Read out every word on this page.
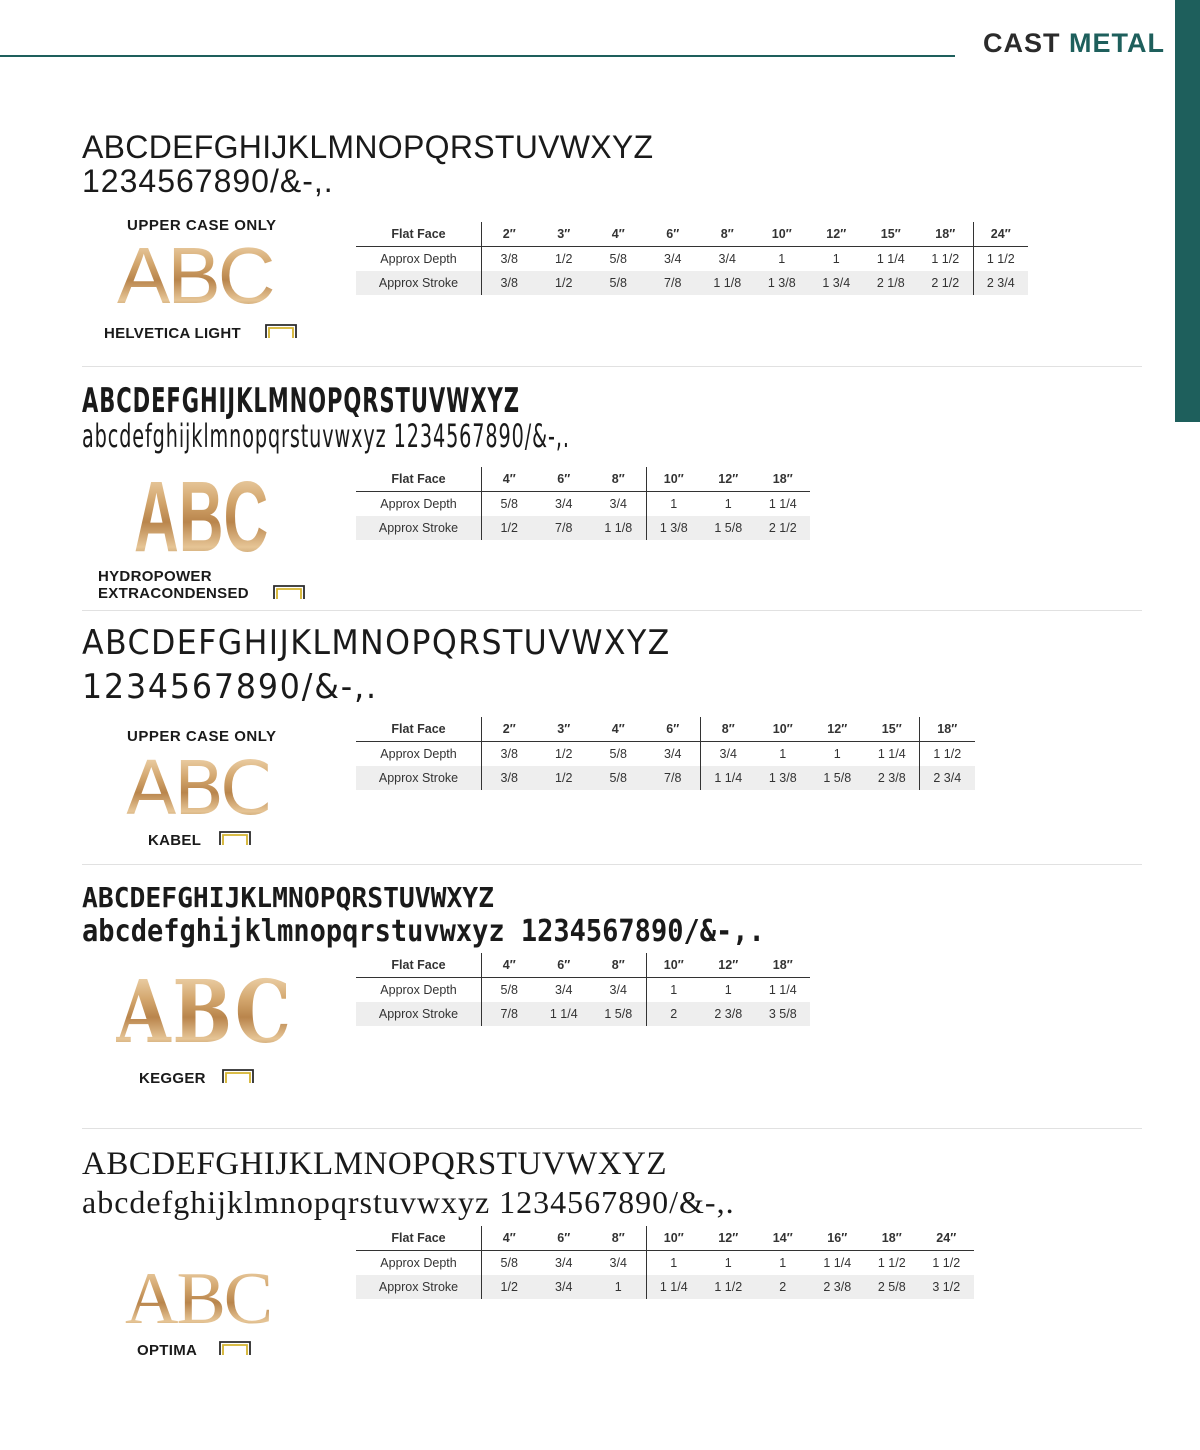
CAST METAL
ABCDEFGHIJKLMNOPQRSTUVWXYZ
1234567890/&-,.
UPPER CASE ONLY
ABC
HELVETICA LIGHT
Flat Face	2″	3″	4″	6″	8″	10″	12″	15″	18″	24″
Approx Depth	3/8	1/2	5/8	3/4	3/4	1	1	1 1/4	1 1/2	1 1/2
Approx Stroke	3/8	1/2	5/8	7/8	1 1/8	1 3/8	1 3/4	2 1/8	2 1/2	2 3/4
ABCDEFGHIJKLMNOPQRSTUVWXYZ
abcdefghijklmnopqrstuvwxyz 1234567890/&-,.
ABC
HYDROPOWER
EXTRACONDENSED
Flat Face	4″	6″	8″	10″	12″	18″
Approx Depth	5/8	3/4	3/4	1	1	1 1/4
Approx Stroke	1/2	7/8	1 1/8	1 3/8	1 5/8	2 1/2
ABCDEFGHIJKLMNOPQRSTUVWXYZ
1234567890/&-,.
UPPER CASE ONLY
ABC
KABEL
Flat Face	2″	3″	4″	6″	8″	10″	12″	15″	18″
Approx Depth	3/8	1/2	5/8	3/4	3/4	1	1	1 1/4	1 1/2
Approx Stroke	3/8	1/2	5/8	7/8	1 1/4	1 3/8	1 5/8	2 3/8	2 3/4
ABCDEFGHIJKLMNOPQRSTUVWXYZ
abcdefghijklmnopqrstuvwxyz 1234567890/&-,.
ABC
KEGGER
Flat Face	4″	6″	8″	10″	12″	18″
Approx Depth	5/8	3/4	3/4	1	1	1 1/4
Approx Stroke	7/8	1 1/4	1 5/8	2	2 3/8	3 5/8
ABCDEFGHIJKLMNOPQRSTUVWXYZ
abcdefghijklmnopqrstuvwxyz 1234567890/&-,.
ABC
OPTIMA
Flat Face	4″	6″	8″	10″	12″	14″	16″	18″	24″
Approx Depth	5/8	3/4	3/4	1	1	1	1 1/4	1 1/2	1 1/2
Approx Stroke	1/2	3/4	1	1 1/4	1 1/2	2	2 3/8	2 5/8	3 1/2
